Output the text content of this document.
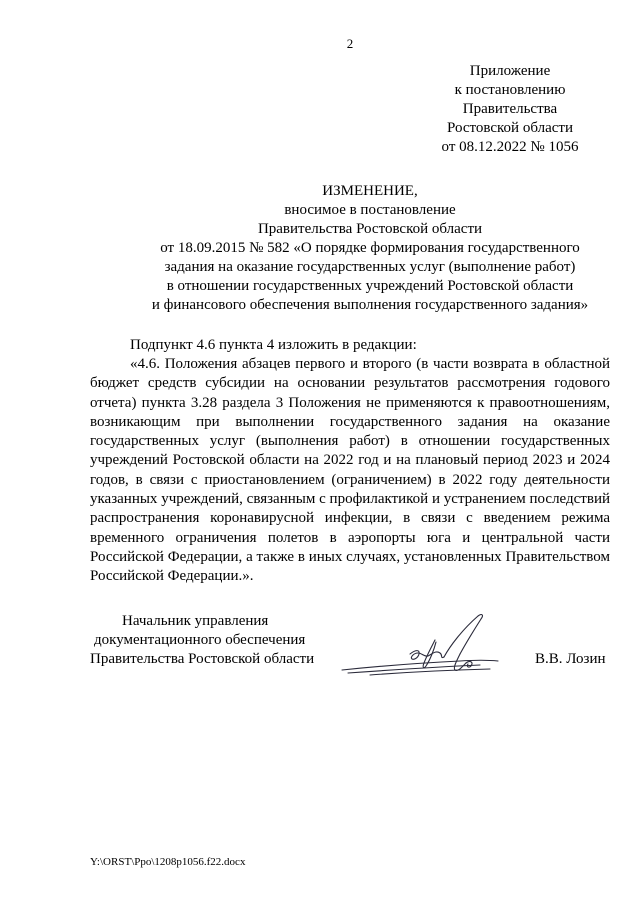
2
Приложение
к постановлению
Правительства
Ростовской области
от 08.12.2022 № 1056
ИЗМЕНЕНИЕ,
вносимое в постановление
Правительства Ростовской области
от 18.09.2015 № 582 «О порядке формирования государственного
задания на оказание государственных услуг (выполнение работ)
в отношении государственных учреждений Ростовской области
и финансового обеспечения выполнения государственного задания»
Подпункт 4.6 пункта 4 изложить в редакции:
«4.6. Положения абзацев первого и второго (в части возврата в областной бюджет средств субсидии на основании результатов рассмотрения годового отчета) пункта 3.28 раздела 3 Положения не применяются к правоотношениям, возникающим при выполнении государственного задания на оказание государственных услуг (выполнения работ) в отношении государственных учреждений Ростовской области на 2022 год и на плановый период 2023 и 2024 годов, в связи с приостановлением (ограничением) в 2022 году деятельности указанных учреждений, связанным с профилактикой и устранением последствий распространения коронавирусной инфекции, в связи с введением режима временного ограничения полетов в аэропорты юга и центральной части Российской Федерации, а также в иных случаях, установленных Правительством Российской Федерации.».
Начальник управления
документационного обеспечения
Правительства Ростовской области	В.В. Лозин
Y:\ORST\Ppo\1208p1056.f22.docx
